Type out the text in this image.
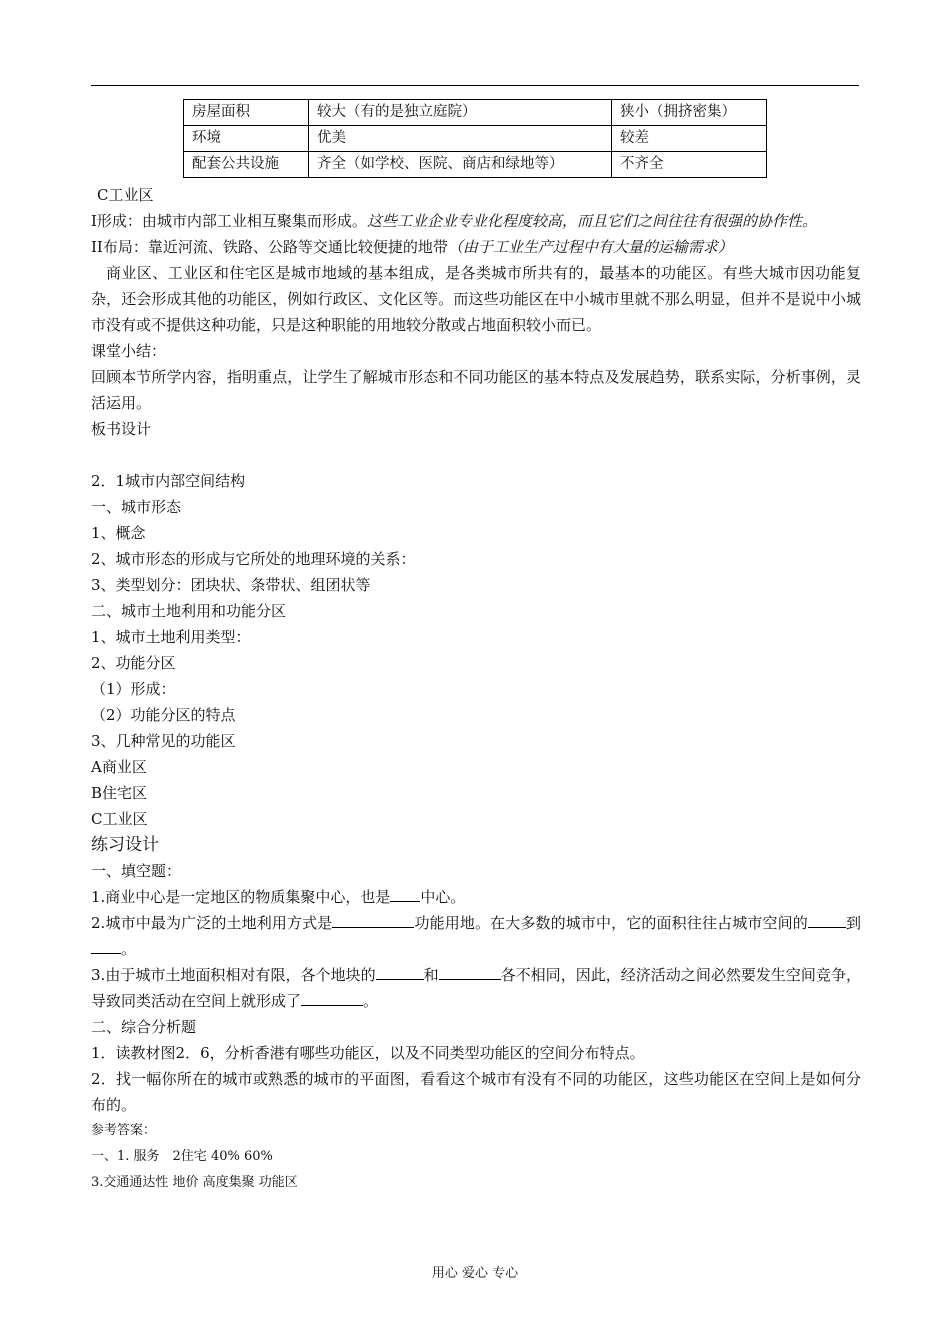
房屋面积	较大（有的是独立庭院）	狭小（拥挤密集）
环境	优美	较差
配套公共设施	齐全（如学校、医院、商店和绿地等）	不齐全

C工业区

I形成：由城市内部工业相互聚集而形成。这些工业企业专业化程度较高，而且它们之间往往有很强的协作性。

II布局：靠近河流、铁路、公路等交通比较便捷的地带（由于工业生产过程中有大量的运输需求）

商业区、工业区和住宅区是城市地域的基本组成，是各类城市所共有的，最基本的功能区。有些大城市因功能复杂，还会形成其他的功能区，例如行政区、文化区等。而这些功能区在中小城市里就不那么明显，但并不是说中小城市没有或不提供这种功能，只是这种职能的用地较分散或占地面积较小而已。

课堂小结：

回顾本节所学内容，指明重点，让学生了解城市形态和不同功能区的基本特点及发展趋势，联系实际，分析事例，灵活运用。

板书设计

2．1城市内部空间结构

一、城市形态

1、概念

2、城市形态的形成与它所处的地理环境的关系：

3、类型划分：团块状、条带状、组团状等

二、城市土地利用和功能分区

1、城市土地利用类型：

2、功能分区

（1）形成：

（2）功能分区的特点

3、几种常见的功能区

A商业区

B住宅区

C工业区

练习设计

一、填空题：

1.商业中心是一定地区的物质集聚中心，也是 中心。

2.城市中最为广泛的土地利用方式是	功能用地。在大多数的城市中，它的面积往往占城市空间的	到。

3.由于城市土地面积相对有限，各个地块的	和	各不相同，因此，经济活动之间必然要发生空间竞争，导致同类活动在空间上就形成了	。

二、综合分析题

1．读教材图2．6，分析香港有哪些功能区，以及不同类型功能区的空间分布特点。

2．找一幅你所在的城市或熟悉的城市的平面图，看看这个城市有没有不同的功能区，这些功能区在空间上是如何分布的。

参考答案：

一、1. 服务　2住宅 40% 60%

3.交通通达性 地价 高度集聚 功能区

用心 爱心 专心
